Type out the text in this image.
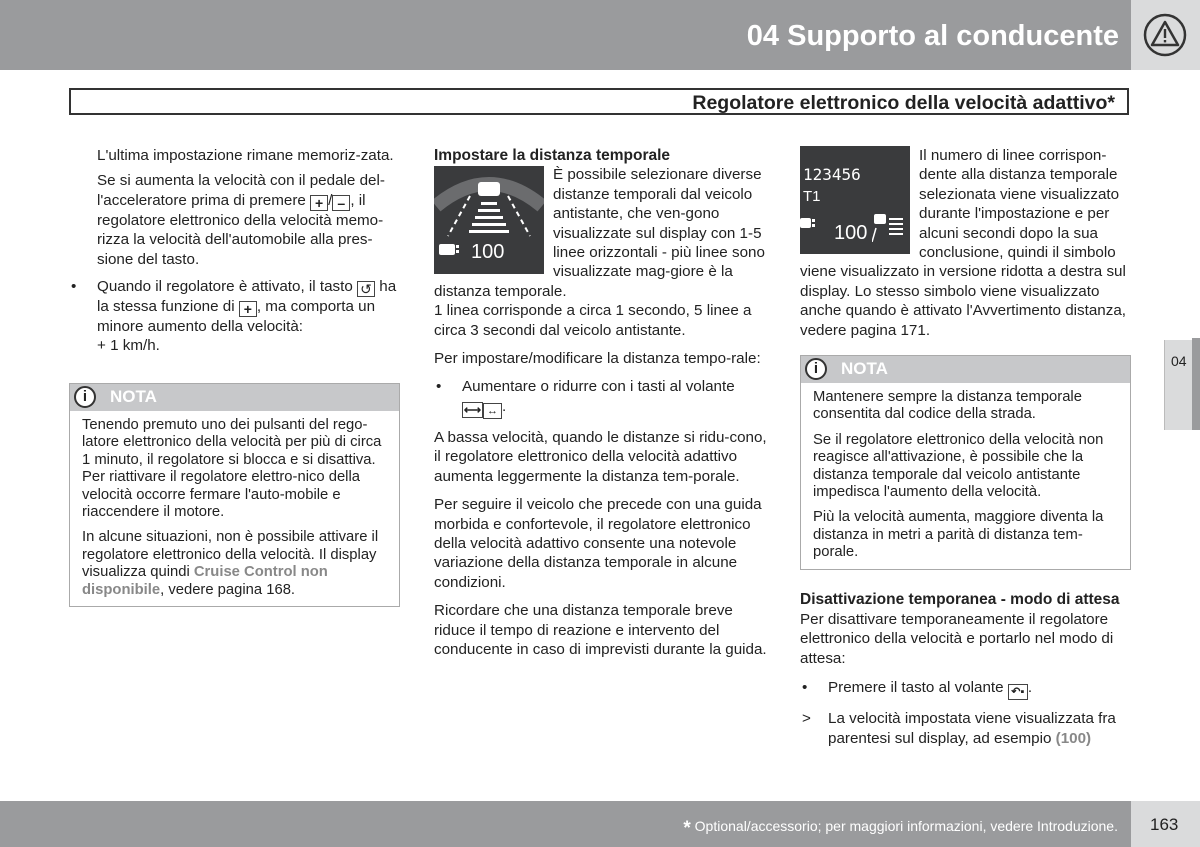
04 Supporto al conducente
Regolatore elettronico della velocità adattivo*
04

L'ultima impostazione rimane memoriz-zata.

Se si aumenta la velocità con il pedale del-l'acceleratore prima di premere + / – , il regolatore elettronico della velocità memo-rizza la velocità dell'automobile alla pres-sione del tasto.

• Quando il regolatore è attivato, il tasto ↺ ha la stessa funzione di + , ma comporta un minore aumento della velocità:
+ 1 km/h.
i	NOTA

Tenendo premuto uno dei pulsanti del rego-latore elettronico della velocità per più di circa 1 minuto, il regolatore si blocca e si disattiva. Per riattivare il regolatore elettro-nico della velocità occorre fermare l'auto-mobile e riaccendere il motore.

In alcune situazioni, non è possibile attivare il regolatore elettronico della velocità. Il display visualizza quindi Cruise Control non disponibile, vedere pagina 168.

Impostare la distanza temporale

100

È possibile selezionare diverse distanze temporali dal veicolo antistante, che ven-gono visualizzate sul display con 1-5 linee orizzontali - più linee sono visualizzate mag-giore è la distanza temporale.

1 linea corrisponde a circa 1 secondo, 5 linee a circa 3 secondi dal veicolo antistante.

Per impostare/modificare la distanza tempo-rale:

• Aumentare o ridurre con i tasti al volante
⟷ ↔ .

A bassa velocità, quando le distanze si ridu-cono, il regolatore elettronico della velocità adattivo aumenta leggermente la distanza tem-porale.

Per seguire il veicolo che precede con una guida morbida e confortevole, il regolatore elettronico della velocità adattivo consente una notevole variazione della distanza temporale in alcune condizioni.

Ricordare che una distanza temporale breve riduce il tempo di reazione e intervento del conducente in caso di imprevisti durante la guida.

123456
T1
100

Il numero di linee corrispon-dente alla distanza temporale selezionata viene visualizzato durante l'impostazione e per alcuni secondi dopo la sua conclusione, quindi il simbolo viene visualizzato in versione ridotta a destra sul display. Lo stesso simbolo viene visualizzato anche quando è attivato l'Avvertimento distanza, vedere pagina 171.

i	NOTA

Mantenere sempre la distanza temporale consentita dal codice della strada.

Se il regolatore elettronico della velocità non reagisce all'attivazione, è possibile che la distanza temporale dal veicolo antistante impedisca l'aumento della velocità.

Più la velocità aumenta, maggiore diventa la distanza in metri a parità di distanza tem-porale.

Disattivazione temporanea - modo di attesa

Per disattivare temporaneamente il regolatore elettronico della velocità e portarlo nel modo di attesa:

• Premere il tasto al volante ↶▪ .
> La velocità impostata viene visualizzata fra parentesi sul display, ad esempio (100)
* Optional/accessorio; per maggiori informazioni, vedere Introduzione. 163
